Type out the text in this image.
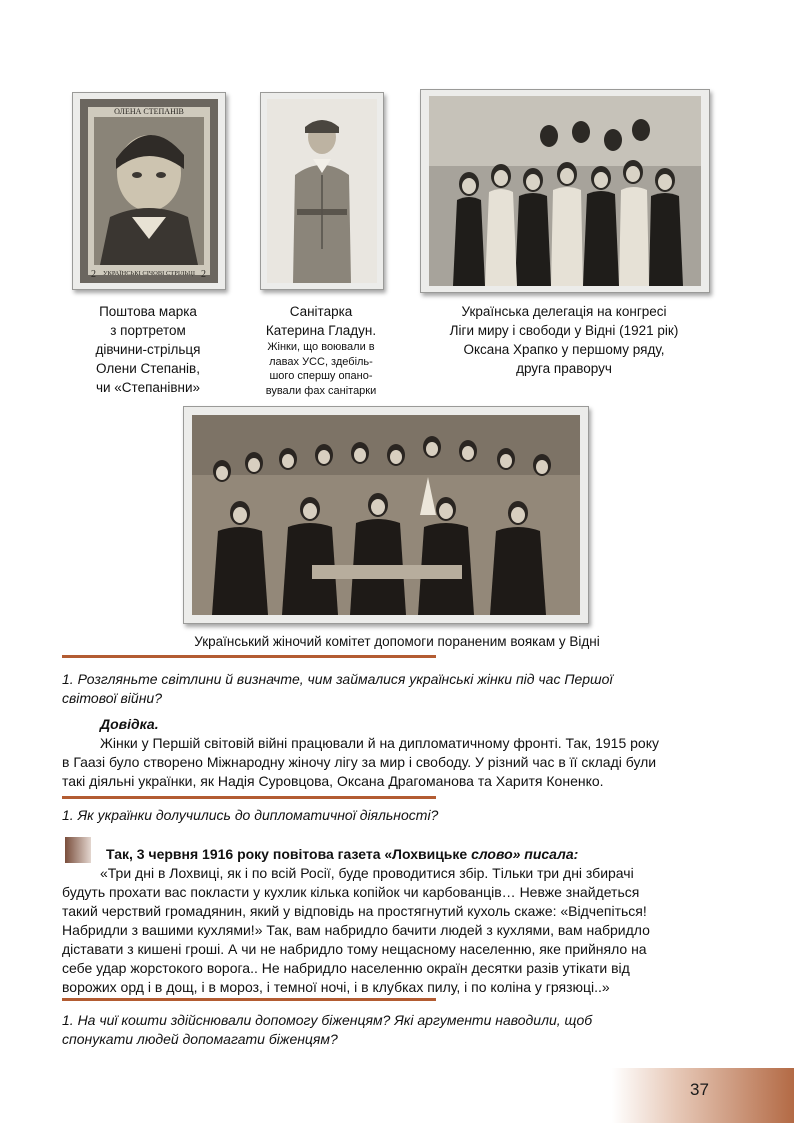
ОЛЕНА СТЕПАНІВ
УКРАЇНСЬКІ СІЧОВІ СТРІЛЬЦІ
2	2
Поштова марка
з портретом
дівчини-стрільця
Олени Степанів,
чи «Степанівни»
Санітарка
Катерина Гладун.
Жінки, що воювали в
лавах УСС, здебіль-
шого спершу опано-
вували фах санітарки
Українська делегація на конгресі
Ліги миру і свободи у Відні (1921 рік)
Оксана Храпко у першому ряду,
друга праворуч
Український жіночий комітет допомоги пораненим воякам у Відні
1. Розгляньте світлини й визначте, чим займалися українські жінки під час Першої
світової війни?
Довідка.
Жінки у Першій світовій війні працювали й на дипломатичному фронті. Так, 1915 року
в Гаазі було створено Міжнародну жіночу лігу за мир і свободу. У різний час в її складі були
такі діяльні українки, як Надія Суровцова, Оксана Драгоманова та Харитя Коненко.
1. Як українки долучились до дипломатичної діяльності?
Так, 3 червня 1916 року повітова газета «Лохвицьке слово» писала:
«Три дні в Лохвиці, як і по всій Росії, буде проводитися збір. Тільки три дні збирачі
будуть прохати вас покласти у кухлик кілька копійок чи карбованців… Невже знайдеться
такий черствий громадянин, який у відповідь на простягнутий кухоль скаже: «Відчепіться!
Набридли з вашими кухлями!» Так, вам набридло бачити людей з кухлями, вам набридло
діставати з кишені гроші. А чи не набридло тому нещасному населенню, яке прийняло на
себе удар жорстокого ворога.. Не набридло населенню окраїн десятки разів утікати від
ворожих орд і в дощ, і в мороз, і темної ночі, і в клубках пилу, і по коліна у грязюці..»
1. На чиї кошти здійснювали допомогу біженцям? Які аргументи наводили, щоб
спонукати людей допомагати біженцям?
37
